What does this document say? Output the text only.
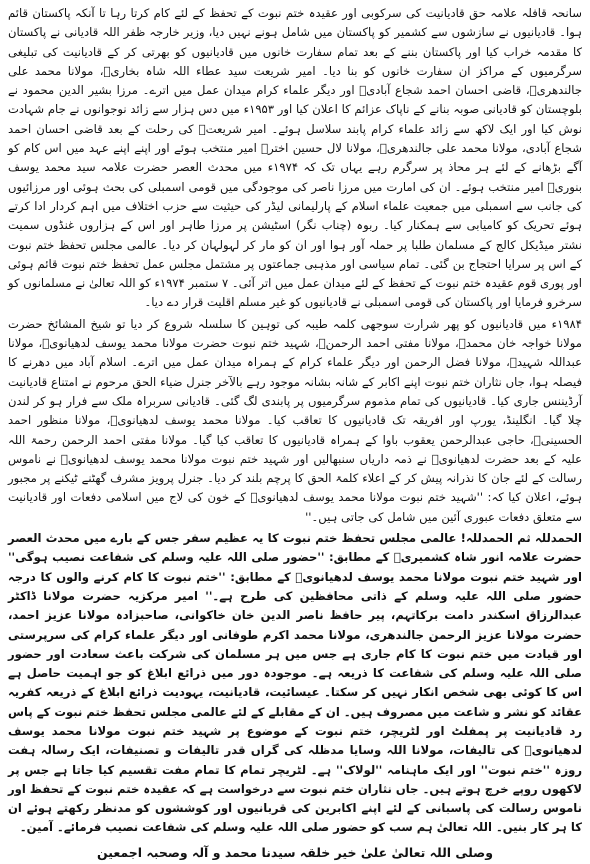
سانحہ قافلہ علامہ حق قادیانیت کی سرکوبی اور عقیدہ ختم نبوت کے تحفظ کے لئے کام کرتا رہا تا آنکہ پاکستان قائم ہوا۔ قادیانیوں نے سازشوں سے کشمیر کو پاکستان میں شامل ہونے نہیں دیا، وزیر خارجہ ظفر اللہ قادیانی نے پاکستان کا مقدمہ خراب کیا اور پاکستان بننے کے بعد تمام سفارت خانوں میں قادیانیوں کو بھرتی کر کے قادیانیت کی تبلیغی سرگرمیوں کے مراکز ان سفارت خانوں کو بنا دیا۔ امیر شریعت سید عطاء اللہ شاہ بخاریؒ، مولانا محمد علی جالندھریؒ، قاضی احسان احمد شجاع آبادیؒ اور دیگر علماء کرام میدان عمل میں اترے۔ مرزا بشیر الدین محمود نے بلوچستان کو قادیانی صوبہ بنانے کے ناپاک عزائم کا اعلان کیا اور ۱۹۵۳ء میں دس ہزار سے زائد نوجوانوں نے جام شہادت نوش کیا اور ایک لاکھ سے زائد علماء کرام پابند سلاسل ہوئے۔ امیر شریعتؒ کی رحلت کے بعد قاضی احسان احمد شجاع آبادی، مولانا محمد علی جالندھریؒ، مولانا لال حسین اخترؒ امیر منتخب ہوئے اور اپنے اپنے عہد میں اس کام کو آگے بڑھانے کے لئے ہر محاذ پر سرگرم رہے یہاں تک کہ ۱۹۷۴ء میں محدث العصر حضرت علامہ سید محمد یوسف بنوریؒ امیر منتخب ہوئے۔ ان کی امارت میں مرزا ناصر کی موجودگی میں قومی اسمبلی کی بحث ہوئی اور مرزائیوں کی جانب سے اسمبلی میں جمعیت علماء اسلام کے پارلیمانی لیڈر کی حیثیت سے حزب اختلاف میں اہم کردار ادا کرتے ہوئے تحریک کو کامیابی سے ہمکنار کیا۔ ربوہ (چناب نگر) اسٹیشن پر مرزا طاہر اور اس کے ہزاروں غنڈوں سمیت نشتر میڈیکل کالج کے مسلمان طلبا پر حملہ آور ہوا اور ان کو مار کر لہولہان کر دیا۔ عالمی مجلس تحفظ ختم نبوت کے اس پر سرایا احتجاج بن گئی۔ تمام سیاسی اور مذہبی جماعتوں پر مشتمل مجلس عمل تحفظ ختم نبوت قائم ہوئی اور پوری قوم عقیدہ ختم نبوت کے تحفظ کے لئے میدان عمل میں اتر آئی۔ ۷ ستمبر ۱۹۷۴ء کو اللہ تعالیٰ نے مسلمانوں کو سرخرو فرمایا اور پاکستان کی قومی اسمبلی نے قادیانیوں کو غیر مسلم اقلیت قرار دے دیا۔

۱۹۸۴ء میں قادیانیوں کو پھر شرارت سوجھی کلمہ طیبہ کی توہین کا سلسلہ شروع کر دیا تو شیخ المشائخ حضرت مولانا خواجہ خان محمدؒ، مولانا مفتی احمد الرحمنؒ، شہید ختم نبوت حضرت مولانا محمد یوسف لدھیانویؒ، مولانا عبداللہ شہیدؒ، مولانا فضل الرحمن اور دیگر علماء کرام کے ہمراہ میدان عمل میں اترے۔ اسلام آباد میں دھرنے کا فیصلہ ہوا، جاں نثاران ختم نبوت اپنے اکابر کے شانہ بشانہ موجود رہے بالآخر جنرل ضیاء الحق مرحوم نے امتناع قادیانیت آرڈیننس جاری کیا۔ قادیانیوں کی تمام مذموم سرگرمیوں پر پابندی لگ گئی۔ قادیانی سربراہ ملک سے فرار ہو کر لندن چلا گیا۔ انگلینڈ، یورپ اور افریقہ تک قادیانیوں کا تعاقب کیا۔ مولانا محمد یوسف لدھیانویؒ، مولانا منظور احمد الحسینیؒ، حاجی عبدالرحمن یعقوب باوا کے ہمراہ قادیانیوں کا تعاقب کیا گیا۔ مولانا مفتی احمد الرحمن رحمۃ اللہ علیہ کے بعد حضرت لدھیانویؒ نے ذمہ داریاں سنبھالیں اور شہید ختم نبوت مولانا محمد یوسف لدھیانویؒ نے ناموس رسالت کے لئے جان کا نذرانہ پیش کر کے اعلاء کلمۃ الحق کا پرچم بلند کر دیا۔ جنرل پرویز مشرف گھٹنے ٹیکنے پر مجبور ہوئے، اعلان کیا کہ: ''شہید ختم نبوت مولانا محمد یوسف لدھیانویؒ کے خون کی لاج میں اسلامی دفعات اور قادیانیت سے متعلق دفعات عبوری آئین میں شامل کی جاتی ہیں۔''

الحمدللہ ثم الحمدللہ! عالمی مجلس تحفظ ختم نبوت کا یہ عظیم سفر جس کے بارے میں محدث العصر حضرت علامہ انور شاہ کشمیریؒ کے مطابق: ''حضور صلی اللہ علیہ وسلم کی شفاعت نصیب ہوگی'' اور شہید ختم نبوت مولانا محمد یوسف لدھیانویؒ کے مطابق: ''ختم نبوت کا کام کرنے والوں کا درجہ حضور صلی اللہ علیہ وسلم کے ذاتی محافظین کی طرح ہے۔'' امیر مرکزیہ حضرت مولانا ڈاکٹر عبدالرزاق اسکندر دامت برکاتہم، پیر حافظ ناصر الدین خان خاکوانی، صاحبزادہ مولانا عزیز احمد، حضرت مولانا عزیز الرحمن جالندھری، مولانا محمد اکرم طوفانی اور دیگر علماء کرام کی سرپرستی اور قیادت میں ختم نبوت کا کام جاری ہے جس میں ہر مسلمان کی شرکت باعث سعادت اور حضور صلی اللہ علیہ وسلم کی شفاعت کا ذریعہ ہے۔ موجودہ دور میں ذرائع ابلاغ کو جو اہمیت حاصل ہے اس کا کوئی بھی شخص انکار نہیں کر سکتا۔ عیسائیت، قادیانیت، یہودیت ذرائع ابلاغ کے ذریعہ کفریہ عقائد کو نشر و شاعت میں مصروف ہیں۔ ان کے مقابلے کے لئے عالمی مجلس تحفظ ختم نبوت کے پاس رد قادیانیت پر پمفلٹ اور لٹریچر، ختم نبوت کے موضوع پر شہید ختم نبوت مولانا محمد یوسف لدھیانویؒ کی تالیفات، مولانا اللہ وسایا مدظلہ کی گراں قدر تالیفات و تصنیفات، ایک رسالہ ہفت روزہ ''ختم نبوت'' اور ایک ماہنامہ ''لولاک'' ہے۔ لٹریچر تمام کا تمام مفت تقسیم کیا جاتا ہے جس پر لاکھوں روپے خرچ ہوتے ہیں۔ جاں نثاران ختم نبوت سے درخواست ہے کہ عقیدہ ختم نبوت کے تحفظ اور ناموس رسالت کی پاسبانی کے لئے اپنے اکابرین کی قربانیوں اور کوششوں کو مدنظر رکھتے ہوئے ان کا ہر کار بنیں۔ اللہ تعالیٰ ہم سب کو حضور صلی اللہ علیہ وسلم کی شفاعت نصیب فرمائے۔ آمین۔

وصلی اللہ تعالیٰ علیٰ خیر خلقہ سیدنا محمد و آلہ وصحبہ اجمعین
